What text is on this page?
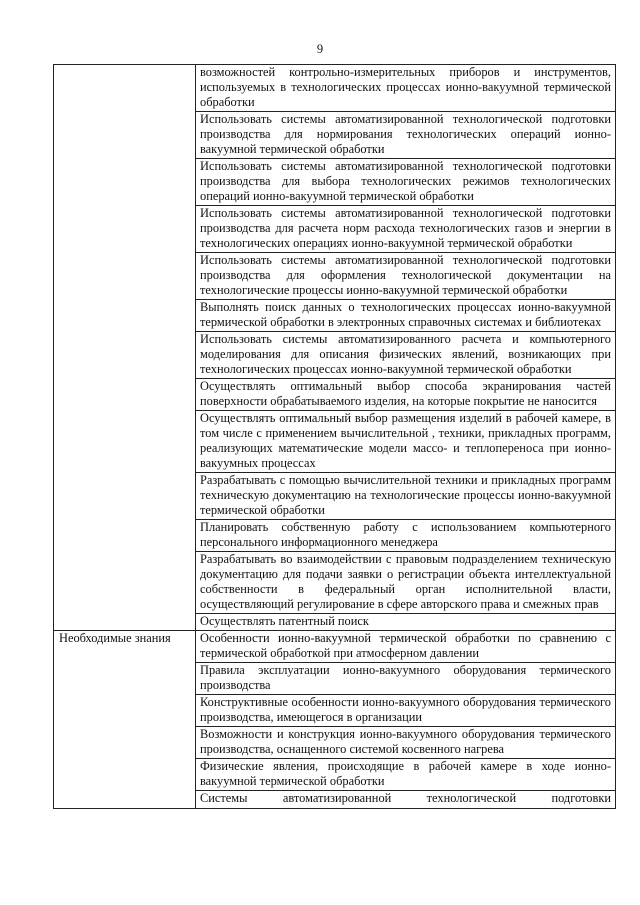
9
	возможностей контрольно-измерительных приборов и инструментов, используемых в технологических процессах ионно-вакуумной термической обработки
	Использовать системы автоматизированной технологической подготовки производства для нормирования технологических операций ионно-вакуумной термической обработки
	Использовать системы автоматизированной технологической подготовки производства для выбора технологических режимов технологических операций ионно-вакуумной термической обработки
	Использовать системы автоматизированной технологической подготовки производства для расчета норм расхода технологических газов и энергии в технологических операциях ионно-вакуумной термической обработки
	Использовать системы автоматизированной технологической подготовки производства для оформления технологической документации на технологические процессы ионно-вакуумной термической обработки
	Выполнять поиск данных о технологических процессах ионно-вакуумной термической обработки в электронных справочных системах и библиотеках
	Использовать системы автоматизированного расчета и компьютерного моделирования для описания физических явлений, возникающих при технологических процессах ионно-вакуумной термической обработки
	Осуществлять оптимальный выбор способа экранирования частей поверхности обрабатываемого изделия, на которые покрытие не наносится
	Осуществлять оптимальный выбор размещения изделий в рабочей камере, в том числе с применением вычислительной , техники, прикладных программ, реализующих математические модели массо- и теплопереноса при ионно-вакуумных процессах
	Разрабатывать с помощью вычислительной техники и прикладных программ техническую документацию на технологические процессы ионно-вакуумной термической обработки
	Планировать собственную работу с использованием компьютерного персонального информационного менеджера
	Разрабатывать во взаимодействии с правовым подразделением техническую документацию для подачи заявки о регистрации объекта интеллектуальной собственности в федеральный орган исполнительной власти, осуществляющий регулирование в сфере авторского права и смежных прав
	Осуществлять патентный поиск
Необходимые знания	Особенности ионно-вакуумной термической обработки по сравнению с термической обработкой при атмосферном давлении
	Правила эксплуатации ионно-вакуумного оборудования термического производства
	Конструктивные особенности ионно-вакуумного оборудования термического производства, имеющегося в организации
	Возможности и конструкция ионно-вакуумного оборудования термического производства, оснащенного системой косвенного нагрева
	Физические явления, происходящие в рабочей камере в ходе ионно-вакуумной термической обработки
	Системы автоматизированной технологической подготовки
